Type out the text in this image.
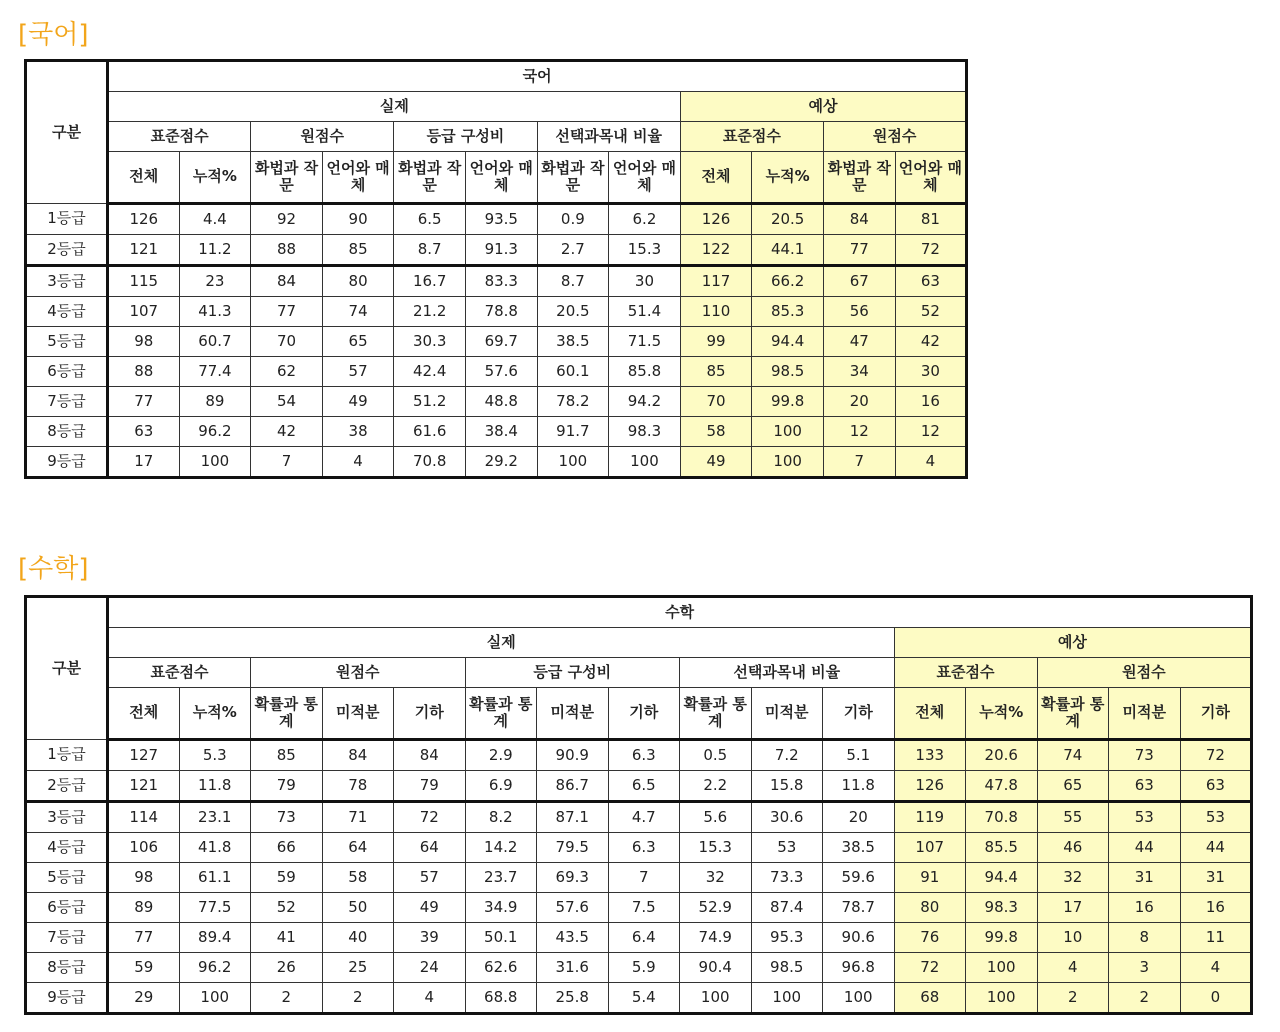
[국어]
구분	국어											
	실제								예상			
	표준점수		원점수		등급 구성비		선택과목내 비율		표준점수		원점수	
	전체	누적%	화법과 작문	언어와 매체	화법과 작문	언어와 매체	화법과 작문	언어와 매체	전체	누적%	화법과 작문	언어와 매체
1등급	126	4.4	92	90	6.5	93.5	0.9	6.2	126	20.5	84	81
2등급	121	11.2	88	85	8.7	91.3	2.7	15.3	122	44.1	77	72
3등급	115	23	84	80	16.7	83.3	8.7	30	117	66.2	67	63
4등급	107	41.3	77	74	21.2	78.8	20.5	51.4	110	85.3	56	52
5등급	98	60.7	70	65	30.3	69.7	38.5	71.5	99	94.4	47	42
6등급	88	77.4	62	57	42.4	57.6	60.1	85.8	85	98.5	34	30
7등급	77	89	54	49	51.2	48.8	78.2	94.2	70	99.8	20	16
8등급	63	96.2	42	38	61.6	38.4	91.7	98.3	58	100	12	12
9등급	17	100	7	4	70.8	29.2	100	100	49	100	7	4
[수학]
구분	수학															
	실제											예상				
	표준점수		원점수			등급 구성비			선택과목내 비율			표준점수		원점수		
	전체	누적%	확률과 통계	미적분	기하	확률과 통계	미적분	기하	확률과 통계	미적분	기하	전체	누적%	확률과 통계	미적분	기하
1등급	127	5.3	85	84	84	2.9	90.9	6.3	0.5	7.2	5.1	133	20.6	74	73	72
2등급	121	11.8	79	78	79	6.9	86.7	6.5	2.2	15.8	11.8	126	47.8	65	63	63
3등급	114	23.1	73	71	72	8.2	87.1	4.7	5.6	30.6	20	119	70.8	55	53	53
4등급	106	41.8	66	64	64	14.2	79.5	6.3	15.3	53	38.5	107	85.5	46	44	44
5등급	98	61.1	59	58	57	23.7	69.3	7	32	73.3	59.6	91	94.4	32	31	31
6등급	89	77.5	52	50	49	34.9	57.6	7.5	52.9	87.4	78.7	80	98.3	17	16	16
7등급	77	89.4	41	40	39	50.1	43.5	6.4	74.9	95.3	90.6	76	99.8	10	8	11
8등급	59	96.2	26	25	24	62.6	31.6	5.9	90.4	98.5	96.8	72	100	4	3	4
9등급	29	100	2	2	4	68.8	25.8	5.4	100	100	100	68	100	2	2	0
